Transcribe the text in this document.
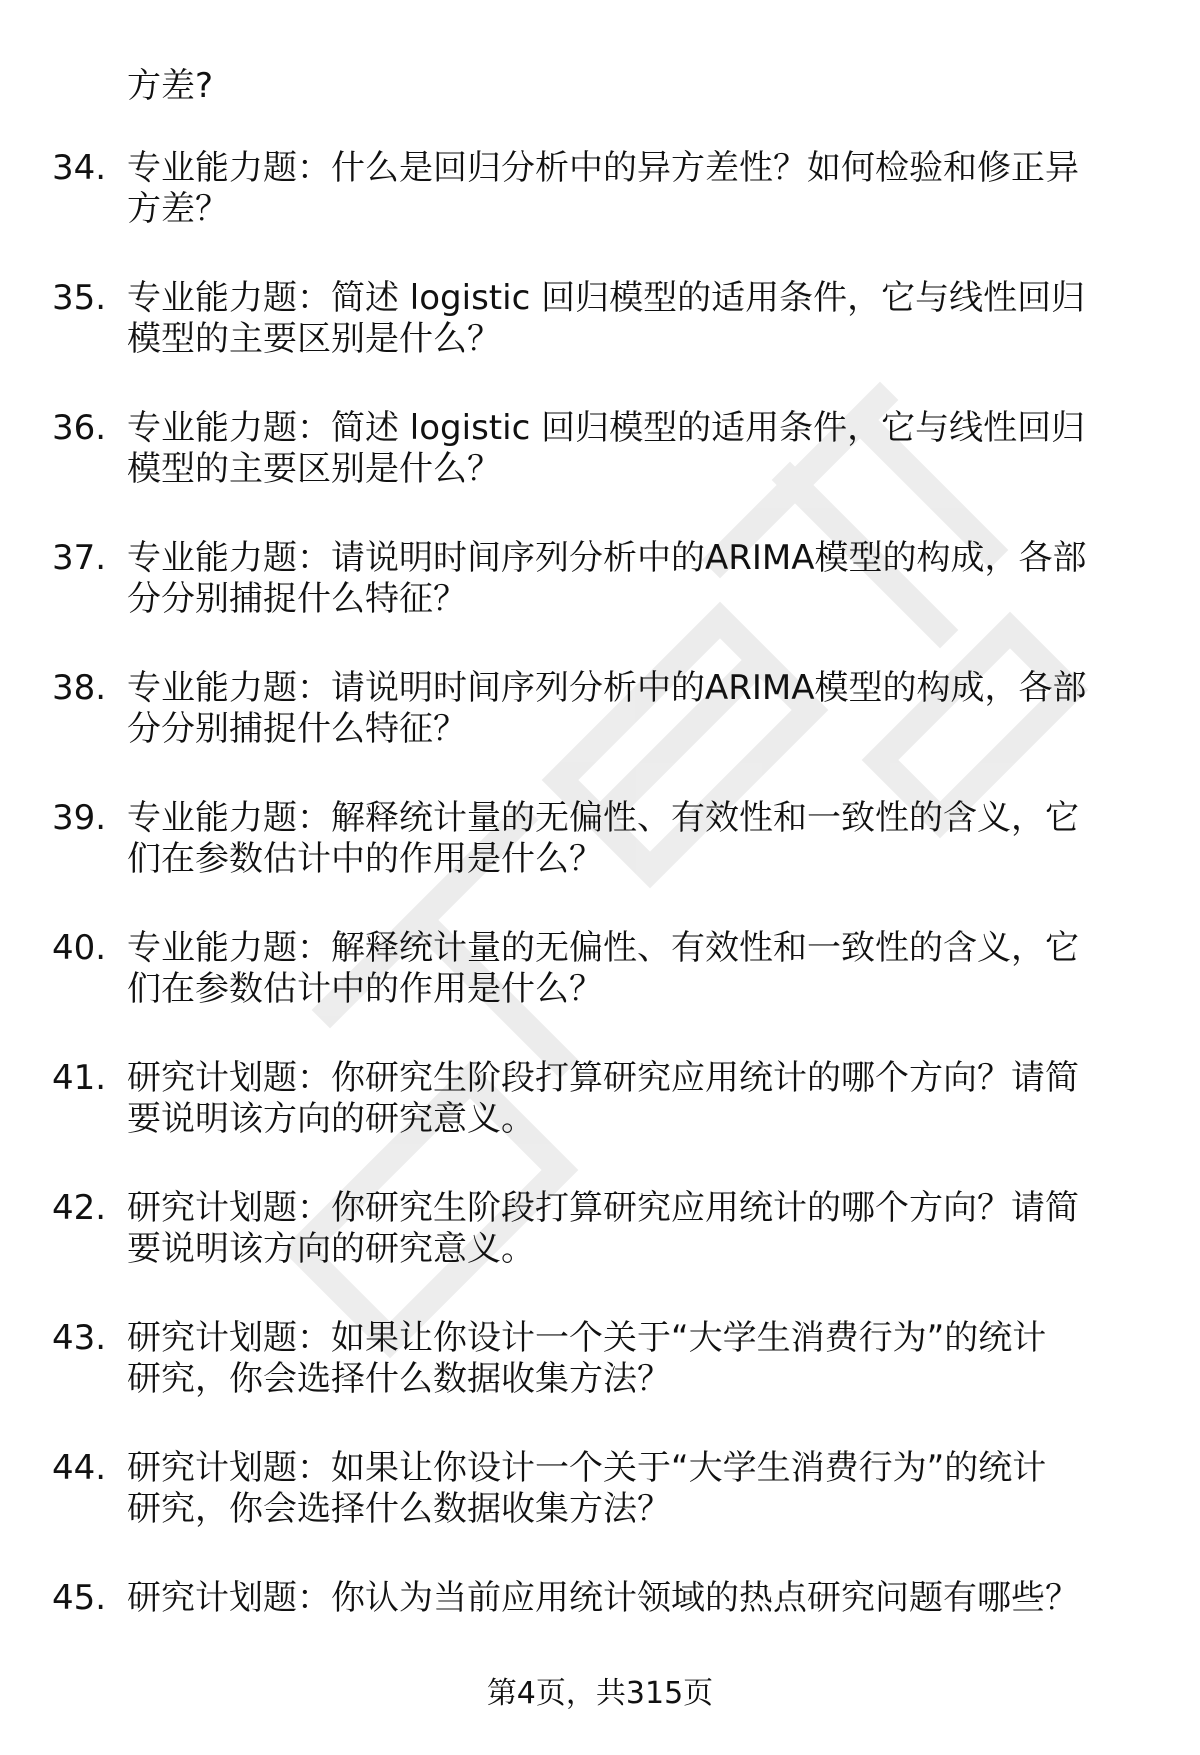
方差?
34. 专业能力题：什么是回归分析中的异方差性？如何检验和修正异
方差？
35. 专业能力题：简述 logistic 回归模型的适用条件，它与线性回归
模型的主要区别是什么？
36. 专业能力题：简述 logistic 回归模型的适用条件，它与线性回归
模型的主要区别是什么？
37. 专业能力题：请说明时间序列分析中的ARIMA模型的构成，各部
分分别捕捉什么特征？
38. 专业能力题：请说明时间序列分析中的ARIMA模型的构成，各部
分分别捕捉什么特征？
39. 专业能力题：解释统计量的无偏性、有效性和一致性的含义，它
们在参数估计中的作用是什么？
40. 专业能力题：解释统计量的无偏性、有效性和一致性的含义，它
们在参数估计中的作用是什么？
41. 研究计划题：你研究生阶段打算研究应用统计的哪个方向？请简
要说明该方向的研究意义。
42. 研究计划题：你研究生阶段打算研究应用统计的哪个方向？请简
要说明该方向的研究意义。
43. 研究计划题：如果让你设计一个关于“大学生消费行为”的统计
研究，你会选择什么数据收集方法？
44. 研究计划题：如果让你设计一个关于“大学生消费行为”的统计
研究，你会选择什么数据收集方法？
45. 研究计划题：你认为当前应用统计领域的热点研究问题有哪些？
第4页，共315页
